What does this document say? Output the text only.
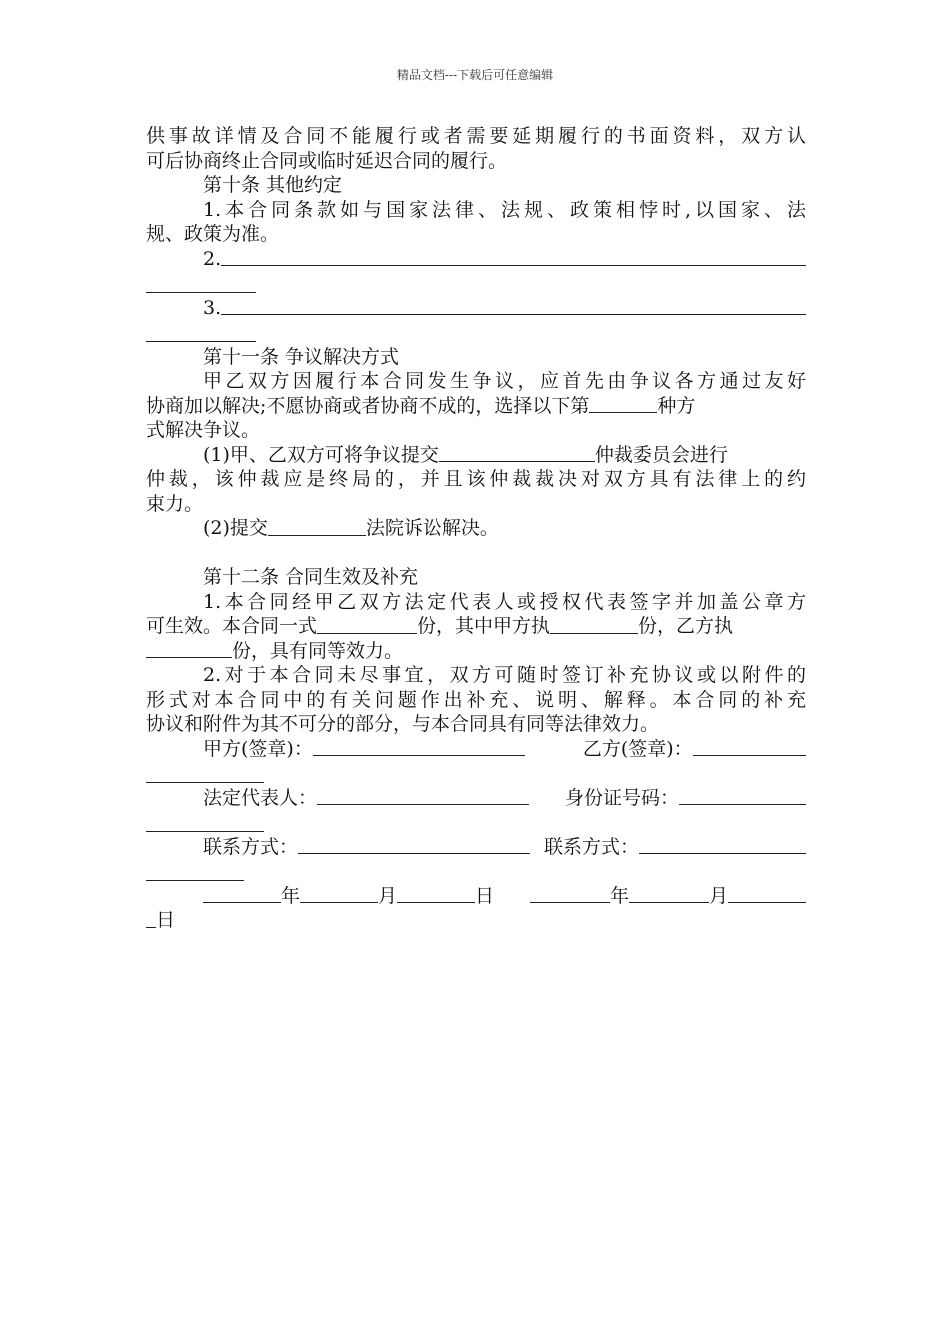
精品文档---下载后可任意编辑
供事故详情及合同不能履行或者需要延期履行的书面资料，双方认
可后协商终止合同或临时延迟合同的履行。
第十条 其他约定
1.本合同条款如与国家法律、法规、政策相悖时,以国家、法
规、政策为准。
2.
3.
第十一条 争议解决方式
甲乙双方因履行本合同发生争议，应首先由争议各方通过友好
协商加以解决;不愿协商或者协商不成的，选择以下第	种方
式解决争议。
(1)甲、乙双方可将争议提交	仲裁委员会进行
仲裁，该仲裁应是终局的，并且该仲裁裁决对双方具有法律上的约
束力。
(2)提交	法院诉讼解决。
第十二条 合同生效及补充
1.本合同经甲乙双方法定代表人或授权代表签字并加盖公章方
可生效。本合同一式	份，其中甲方执	份，乙方执
份，具有同等效力。
2.对于本合同未尽事宜，双方可随时签订补充协议或以附件的
形式对本合同中的有关问题作出补充、说明、解释。本合同的补充
协议和附件为其不可分的部分，与本合同具有同等法律效力。
甲方(签章)：	乙方(签章)：
法定代表人：	身份证号码：
联系方式：	联系方式：
年	月	日	年	月
日
